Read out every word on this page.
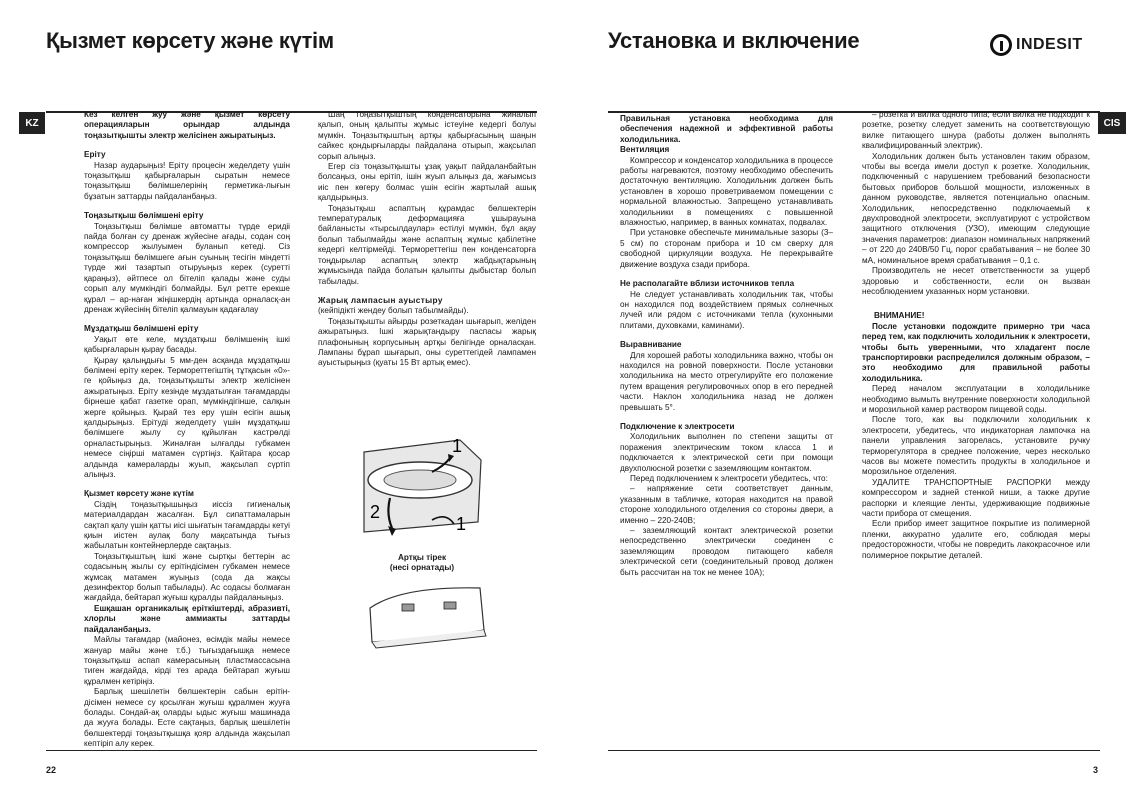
Қызмет көрсету және күтім	Установка и включение	INDESIT
KZ	CIS

Кез келген жуу және қызмет көрсету операцияларын орындар алдында тоңазытқышты электр желісінен ажыратыңыз.

Еріту

Назар аударыңыз! Еріту процесін жеделдету үшін тоңазытқыш қабырғаларын сыратын немесе тоңазытқыш бөлімшелерінің герметика-лығын бұзатын заттарды пайдаланбаңыз.

Тоңазытқыш бөлімшені еріту

Тоңазытқыш бөлімше автоматты түрде еридіі пайда болған су дренаж жүйесіне ағады, содан соң компрессор жылуымен буланып кетеді. Сіз тоңазытқыш бөлімшеге ағын суының тесігін міндетті түрде жиі тазартып отыруыңыз керек (суретті қараңыз), әйтпесе ол бітеліп қалады және суды сорып алу мүмкіндігі болмайды. Бұл ретте ерекше құрал – ар-наған жіңішкердің артында орналасқ-ан дренаж жүйесінің бітеліп қалмауын қадағалау

Мұздатқыш бөлімшені еріту

Уақыт өте келе, мұздатқыш бөлімшенің ішкі қабырғаларын қырау басады.

Қырау қалыңдығы 5 мм-ден асқанда мұздатқыш бөлімені еріту керек. Термореттегіштің тұтқасын «0»-ге қойыңыз да, тоңазытқышты электр желісінен ажыратыңыз. Еріту кезінде мұздатылған тағамдарды бірнеше қабат газетке орап, мүмкіндігінше, салқын жерге қойыңыз. Қырай тез еру үшін есігін ашық қалдырыңыз. Ерітуді жеделдету үшін мұздатқыш бөлімшеге жылу су құйылған кастрөлді орналастырыңыз. Жиналған ылғалды губкамен немесе сіңірші матамен сүртіңіз. Қайтара қосар алдында камераларды жуып, жақсылап сүртіп алыңыз.

Қызмет көрсету және күтім

Сіздің тоңазытқышыңыз иіссіз гигиеналық материалдардан жасалған. Бұл сипаттамаларын сақтап қалу үшін қатты иісі шығатын тағамдарды кетуі қиын иістен аулақ болу мақсатында тығыз жабылатын контейнерлерде сақтаңыз.

Тоңазытқыштың ішкі және сыртқы беттерін ас содасының жылы су ерітіндісімен губкамен немесе жұмсақ матамен жуыңыз (сода да жақсы дезинфектор болып табылады). Ас содасы болмаған жағдайда, бейтарап жуғыш құралды пайдаланыңыз.

Ешқашан органикалық еріткіштерді, абразивті, хлорлы және аммиакты заттарды пайдаланбаңыз.

Майлы тағамдар (майонез, өсімдік майы немесе жануар майы және т.б.) тығыздағышқа немесе тоңазытқыш аспап камерасының пластмассасына тиген жағдайда, кірді тез арада бейтарап жуғыш құралмен кетіріңіз.

Барлық шешілетін бөлшектерін сабын ерітіндісімен немесе су қосылған жуғыш құралмен жууға болады. Сондай-ақ оларды ыдыс жуғыш машинада да жууға болады. Есте сақтаңыз, барлық шешілетін бөлшектерді тоңазытқышқа қояр алдында жақсылап кептіріп алу керек.

Шаң тоңазытқыштың конденсаторына жиналып қалып, оның қалыпты жұмыс істеуіне кедергі болуы мүмкін. Тоңазытқыштың артқы қабырғасының шаңын сайкес қондырғыларды пайдалана отырып, жақсылап сорып алыңыз.

Егер сіз тоңазытқышты ұзақ уақыт пайдаланбайтын болсаңыз, оны ерітіп, ішін жуып алыңыз да, жағымсыз иіс пен көгеру болмас үшін есігін жартылай ашық қалдырыңыз.

Тоңазытқыш аспаптың құрамдас бөлшектерін температуралық деформацияға ұшырауына байланысты «тырсылдаулар» естілуі мүмкін, бұл ақау болып табылмайды және аспаптың жұмыс қабілетіне кедергі келтірмейді. Термореттегіш пен конденсаторға тоңдырылар аспаптың электр жабдықтарының жұмысында пайда болатын қалыпты дыбыстар болып табылады.

Жарық лампасын ауыстыру

(кейпідікті жендеу болып табылмайды).

Тоңазытқышты айырды розеткадан шығарып, желіден ажыратыңыз. Ішкі жарықтандыру паспасы жарық плафонының корпусының артқы белігінде орналасқан. Лампаны бұрап шығарып, оны суреттегідей лампамен ауыстырыңыз (қуаты 15 Вт артық емес).

1
2
1
Артқы тірек
(несі орнатады)

Правильная установка необходима для обеспечения надежной и эффективной работы холодильника.

Вентиляция

Компрессор и конденсатор холодильника в процессе работы нагреваются, поэтому необходимо обеспечить достаточную вентиляцию. Холодильник должен быть установлен в хорошо проветриваемом помещении с нормальной влажностью. Запрещено устанавливать холодильники в помещениях с повышенной влажностью, например, в ванных комнатах, подвалах.

При установке обеспечьте минимальные зазоры (3–5 см) по сторонам прибора и 10 см сверху для свободной циркуляции воздуха. Не перекрывайте движение воздуха сзади прибора.

Не располагайте вблизи источников тепла

Не следует устанавливать холодильник так, чтобы он находился под воздействием прямых солнечных лучей или рядом с источниками тепла (кухонными плитами, духовками, каминами).

Выравнивание

Для хорошей работы холодильника важно, чтобы он находился на ровной поверхности. После установки холодильника на место отрегулируйте его положение путем вращения регулировочных опор в его передней части. Наклон холодильника назад не должен превышать 5°.

Подключение к электросети

Холодильник выполнен по степени защиты от поражения электрическим током класса 1 и подключается к электрической сети при помощи двухполюсной розетки с заземляющим контактом.

Перед подключением к электросети убедитесь, что:

– напряжение сети соответствует данным, указанным в табличке, которая находится на правой стороне холодильного отделения со стороны двери, а именно – 220-240В;

– заземляющий контакт электрической розетки непосредственно электрически соединен с заземляющим проводом питающего кабеля электрической сети (соединительный провод должен быть рассчитан на ток не менее 10А);

– розетка и вилка одного типа; если вилка не подходит к розетке, розетку следует заменить на соответствующую вилке питающего шнура (работы должен выполнять квалифицированный электрик).

Холодильник должен быть установлен таким образом, чтобы вы всегда имели доступ к розетке. Холодильник, подключенный с нарушением требований безопасности бытовых приборов большой мощности, изложенных в данном руководстве, является потенциально опасным. Холодильник, непосредственно подключаемый к двухпроводной электросети, эксплуатируют с устройством защитного отключения (УЗО), имеющим следующие значения параметров: диапазон номинальных напряжений – от 220 до 240В/50 Гц, порог срабатывания – не более 30 мА, номинальное время срабатывания – 0,1 с.

Производитель не несет ответственности за ущерб здоровью и собственности, если он вызван несоблюдением указанных норм установки.

ВНИМАНИЕ!

После установки подождите примерно три часа перед тем, как подключить холодильник к электросети, чтобы быть уверенными, что хладагент после транспортировки распределился должным образом, – это необходимо для правильной работы холодильника.

Перед началом эксплуатации в холодильнике необходимо вымыть внутренние поверхности холодильной и морозильной камер раствором пищевой соды.

После того, как вы подключили холодильник к электросети, убедитесь, что индикаторная лампочка на панели управления загорелась, установите ручку терморегулятора в среднее положение, через несколько часов вы можете поместить продукты в холодильное и морозильное отделения.

УДАЛИТЕ ТРАНСПОРТНЫЕ РАСПОРКИ между компрессором и задней стенкой ниши, а также другие распорки и клеящие ленты, удерживающие подвижные части прибора от смещения.

Если прибор имеет защитное покрытие из полимерной пленки, аккуратно удалите его, соблюдая меры предосторожности, чтобы не повредить лакокрасочное или полимерное покрытие деталей.

22	3
